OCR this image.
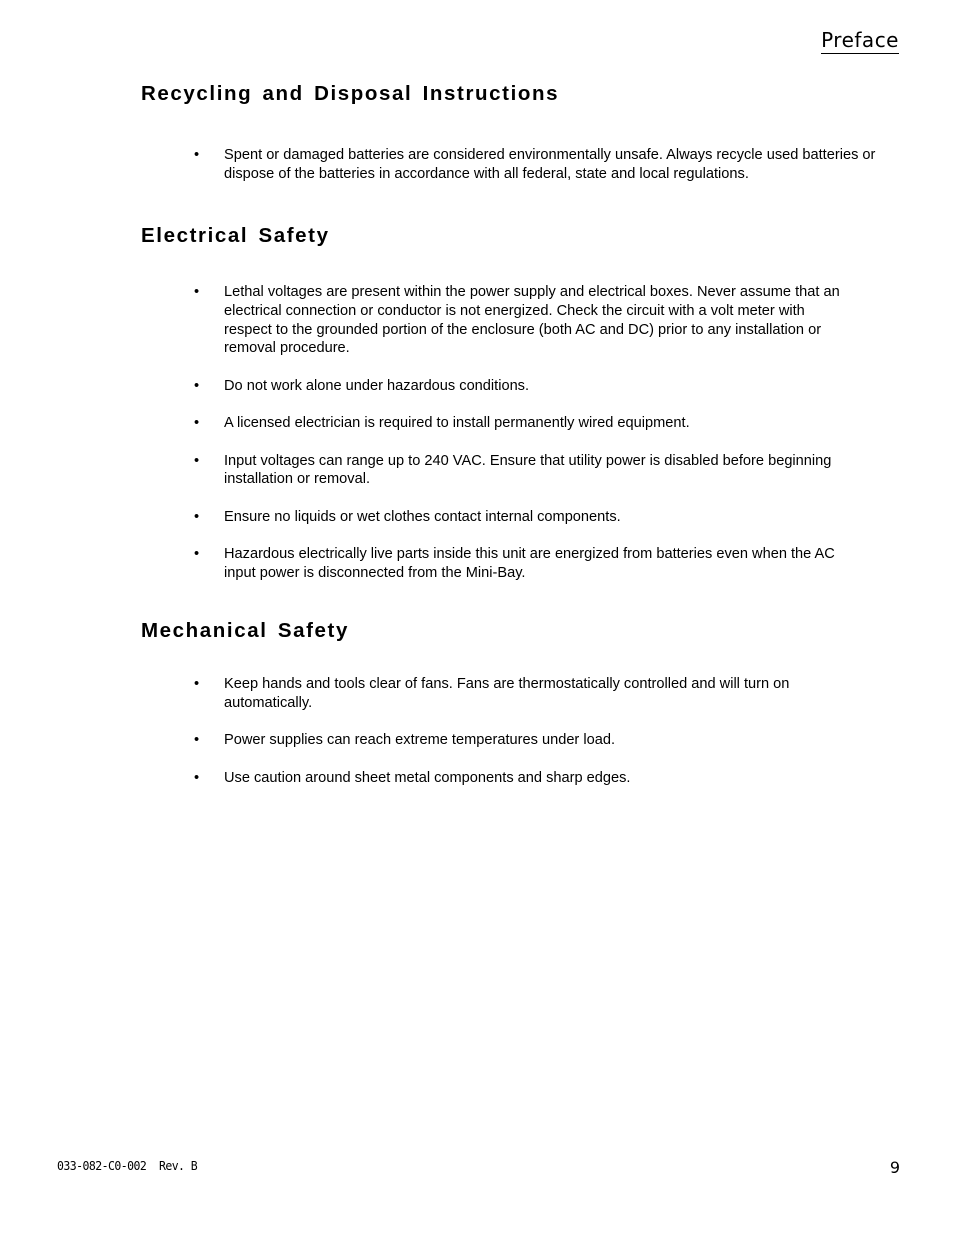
Preface
Recycling and Disposal Instructions
• Spent or damaged batteries are considered environmentally unsafe. Always recycle used batteries or dispose of the batteries in accordance with all federal, state and local regulations.
Electrical Safety
• Lethal voltages are present within the power supply and electrical boxes. Never assume that an electrical connection or conductor is not energized. Check the circuit with a volt meter with respect to the grounded portion of the enclosure (both AC and DC) prior to any installation or removal procedure.
• Do not work alone under hazardous conditions.
• A licensed electrician is required to install permanently wired equipment.
• Input voltages can range up to 240 VAC. Ensure that utility power is disabled before beginning installation or removal.
• Ensure no liquids or wet clothes contact internal components.
• Hazardous electrically live parts inside this unit are energized from batteries even when the AC  input power is disconnected from the Mini-Bay.
Mechanical Safety
• Keep hands and tools clear of fans. Fans are thermostatically controlled and will turn on automatically.
• Power supplies can reach extreme temperatures under load.
• Use caution around sheet metal components and sharp edges.
033-082-C0-002  Rev. B	9
